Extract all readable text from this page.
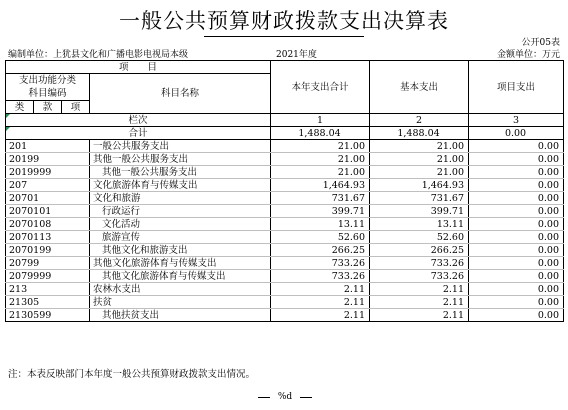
一般公共预算财政拨款支出决算表
公开05表
编制单位：上犹县文化和广播电影电视局本级	2021年度	金额单位：万元
项　　目				本年支出合计	基本支出	项目支出
支出功能分类
科目编码			科目名称			
类	款	项				
栏次				1	2	3
合计				1,488.04	1,488.04	0.00
201			一般公共服务支出	21.00	21.00	0.00
20199			其他一般公共服务支出	21.00	21.00	0.00
2019999			其他一般公共服务支出	21.00	21.00	0.00
207			文化旅游体育与传媒支出	1,464.93	1,464.93	0.00
20701			文化和旅游	731.67	731.67	0.00
2070101			行政运行	399.71	399.71	0.00
2070108			文化活动	13.11	13.11	0.00
2070113			旅游宣传	52.60	52.60	0.00
2070199			其他文化和旅游支出	266.25	266.25	0.00
20799			其他文化旅游体育与传媒支出	733.26	733.26	0.00
2079999			其他文化旅游体育与传媒支出	733.26	733.26	0.00
213			农林水支出	2.11	2.11	0.00
21305			扶贫	2.11	2.11	0.00
2130599			其他扶贫支出	2.11	2.11	0.00
注：本表反映部门本年度一般公共预算财政拨款支出情况。
%d
